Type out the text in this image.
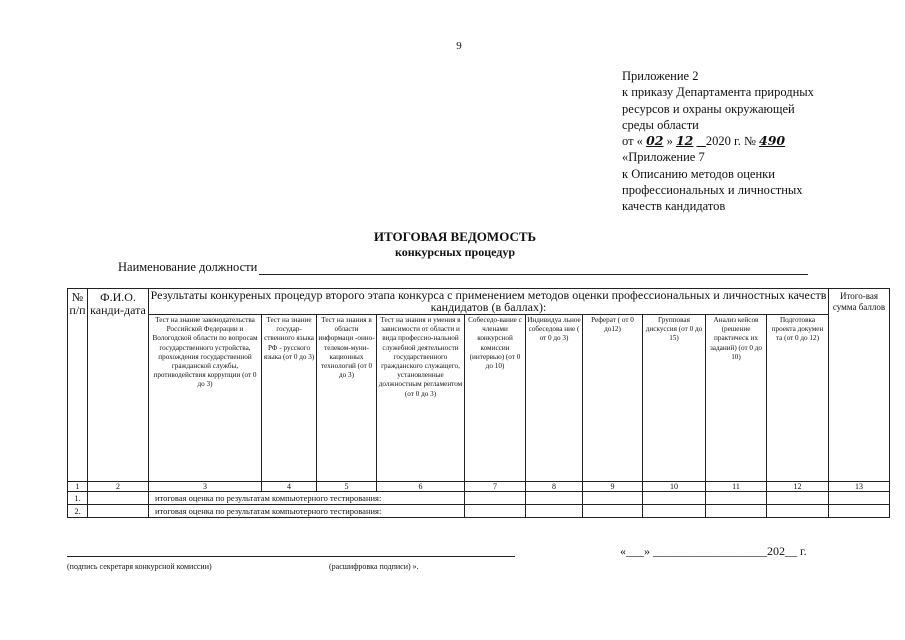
9
Приложение 2
к приказу Департамента природных
ресурсов и охраны окружающей
среды области
от « 02 » 12 2020 г. № 490
«Приложение 7
к Описанию методов оценки
профессиональных и личностных
качеств кандидатов
ИТОГОВАЯ ВЕДОМОСТЬ
конкурсных процедур
Наименование должности
№ п/п	Ф.И.О. канди-дата	Результаты конкуреных процедур второго этапа конкурса с применением методов оценки профессиональных и личностных качеств кандидатов (в баллах):										Итого-вая сумма баллов
		Тест на знание законодательства Российской Федерации и Вологодской области по вопросам государственного устройства, прохождения государственной гражданской службы, противодействия коррупции (от 0 до 3)	Тест на знание государ-ственного языка РФ - русского языка (от 0 до 3)	Тест на знания в области информаци -онно-телеком-муни-кационных технологий (от 0 до 3)	Тест на знания и умения в зависимости от области и вида профессио-нальной служебной деятельности государственного гражданского служащего, установленные должностным регламентом (от 0 до 3)	Собеседо-вание с членами конкурсной комиссии (интервью) (от 0 до 10)	Индивидуа льное собеседова ние ( от 0 до 3)	Реферат ( от 0 до12)	Групповая дискуссия (от 0 до 15)	Анализ кейсов (решение практическ их заданий) (от 0 до 10)	Подготовка проекта докумен та (от 0 до 12)	
1	2	3	4	5	6	7	8	9	10	11	12	13
1.		итоговая оценка по результатам компьютерного тестирования:										
2.		итоговая оценка по результатам компьютерного тестирования:										
(подпись секретаря конкурсной комиссии)	(расшифровка подписи) ».
«___» ___________________202__ г.
